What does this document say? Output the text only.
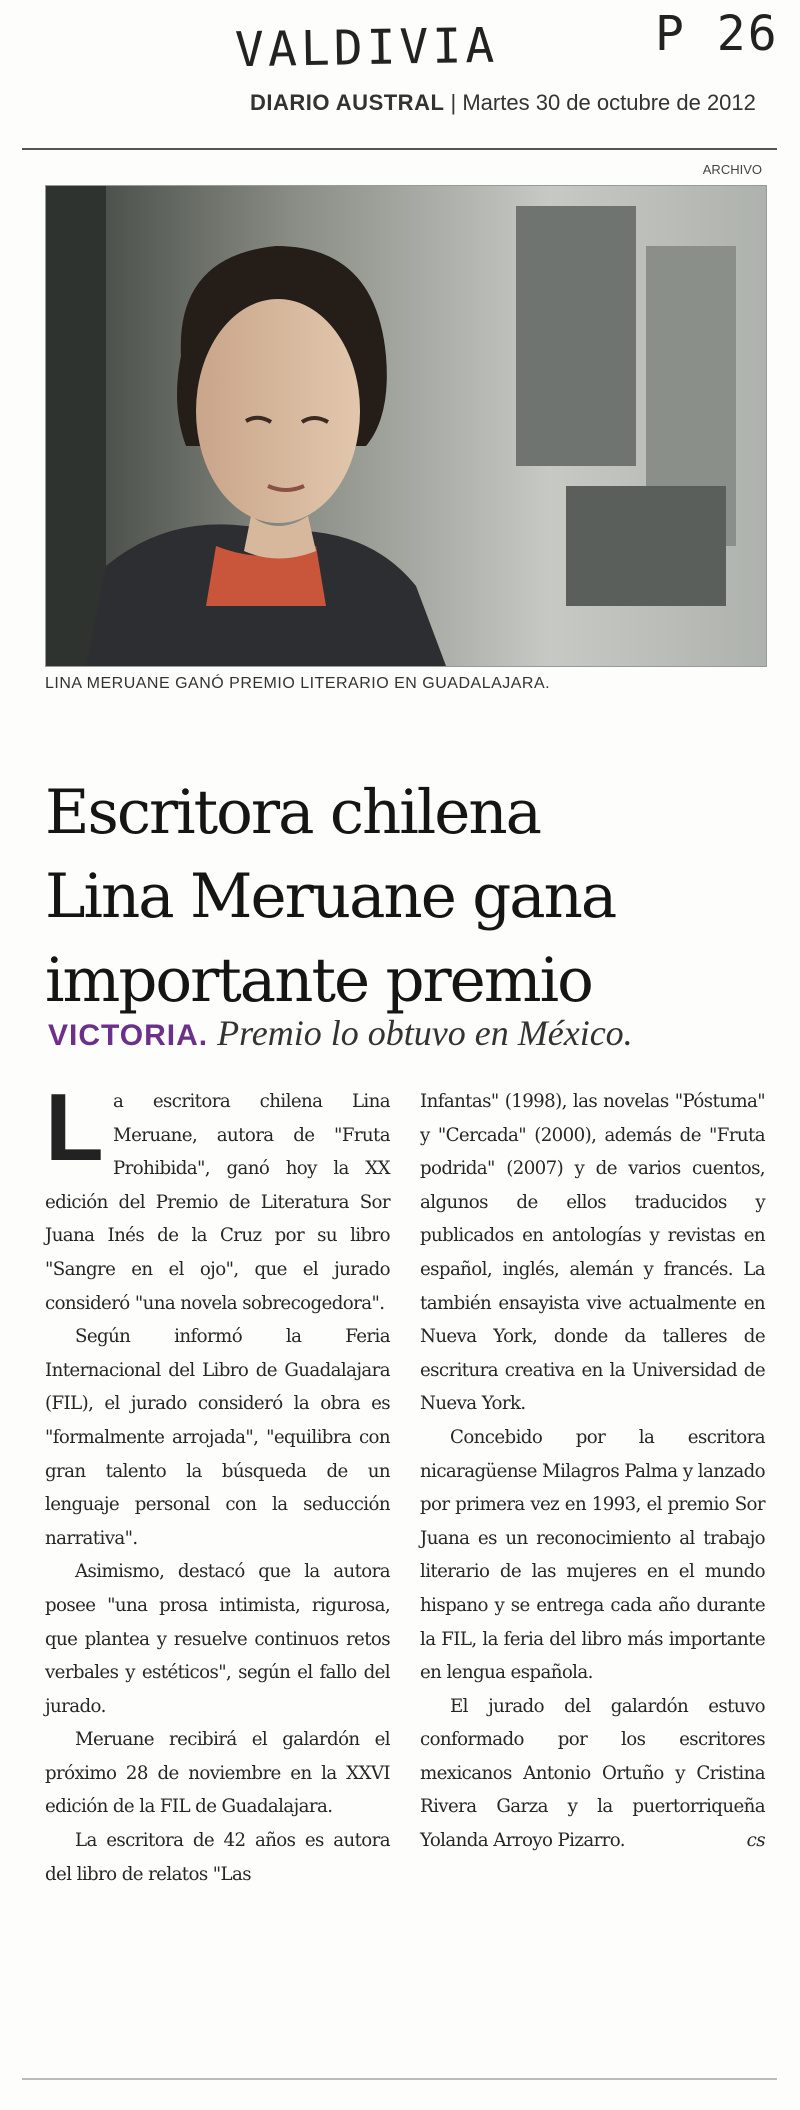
VALDIVIA	P 26
DIARIO AUSTRAL | Martes 30 de octubre de 2012
ARCHIVO
LINA MERUANE GANÓ PREMIO LITERARIO EN GUADALAJARA.
Escritora chilena
Lina Meruane gana
importante premio
VICTORIA. Premio lo obtuvo en México.

La escritora chilena Lina Meruane, autora de "Fruta Prohibida", ganó hoy la XX edición del Premio de Literatura Sor Juana Inés de la Cruz por su libro "Sangre en el ojo", que el jurado consideró "una novela sobrecogedora".

Según informó la Feria Internacional del Libro de Guadalajara (FIL), el jurado consideró la obra es "formalmente arrojada", "equilibra con gran talento la búsqueda de un lenguaje personal con la seducción narrativa".

Asimismo, destacó que la autora posee "una prosa intimista, rigurosa, que plantea y resuelve continuos retos verbales y estéticos", según el fallo del jurado.

Meruane recibirá el galardón el próximo 28 de noviembre en la XXVI edición de la FIL de Guadalajara.

La escritora de 42 años es autora del libro de relatos "Las

Infantas" (1998), las novelas "Póstuma" y "Cercada" (2000), además de "Fruta podrida" (2007) y de varios cuentos, algunos de ellos traducidos y publicados en antologías y revistas en español, inglés, alemán y francés. La también ensayista vive actualmente en Nueva York, donde da talleres de escritura creativa en la Universidad de Nueva York.

Concebido por la escritora nicaragüense Milagros Palma y lanzado por primera vez en 1993, el premio Sor Juana es un reconocimiento al trabajo literario de las mujeres en el mundo hispano y se entrega cada año durante la FIL, la feria del libro más importante en lengua española.

El jurado del galardón estuvo conformado por los escritores mexicanos Antonio Ortuño y Cristina Rivera Garza y la puertorriqueña Yolanda Arroyo Pizarro.	cs
